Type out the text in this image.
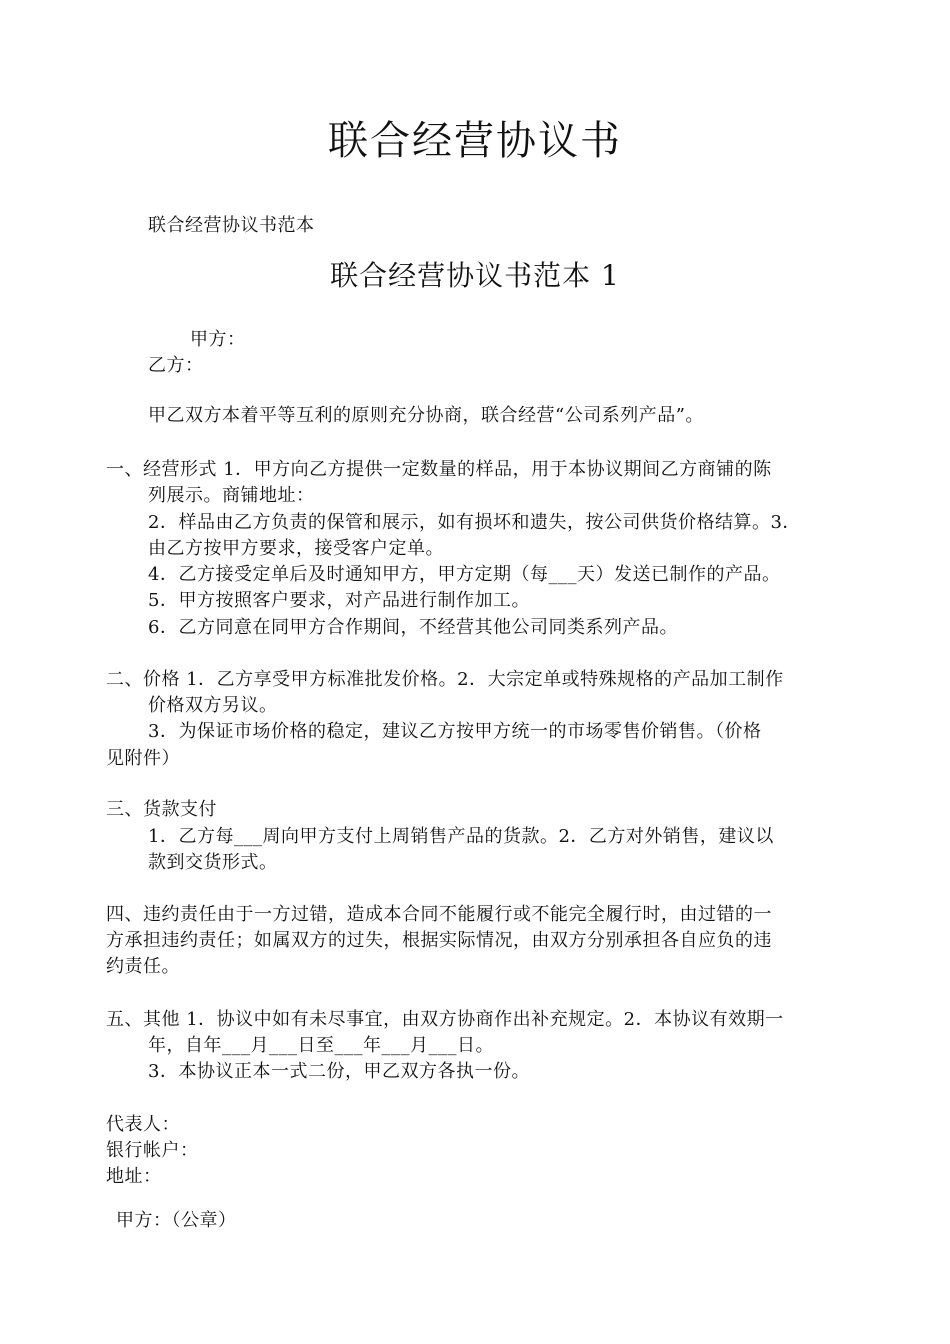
联合经营协议书
联合经营协议书范本
联合经营协议书范本 1
甲方：
乙方：
甲乙双方本着平等互利的原则充分协商，联合经营“公司系列产品”。
一、经营形式 1．甲方向乙方提供一定数量的样品，用于本协议期间乙方商铺的陈
列展示。商铺地址：
2．样品由乙方负责的保管和展示，如有损坏和遗失，按公司供货价格结算。3．
由乙方按甲方要求，接受客户定单。
4．乙方接受定单后及时通知甲方，甲方定期（每___天）发送已制作的产品。
5．甲方按照客户要求，对产品进行制作加工。
6．乙方同意在同甲方合作期间，不经营其他公司同类系列产品。
二、价格 1．乙方享受甲方标准批发价格。2．大宗定单或特殊规格的产品加工制作
价格双方另议。
3．为保证市场价格的稳定，建议乙方按甲方统一的市场零售价销售。（价格
见附件）
三、货款支付
1．乙方每___周向甲方支付上周销售产品的货款。2．乙方对外销售，建议以
款到交货形式。
四、违约责任由于一方过错，造成本合同不能履行或不能完全履行时，由过错的一
方承担违约责任；如属双方的过失，根据实际情况，由双方分别承担各自应负的违
约责任。
五、其他 1．协议中如有未尽事宜，由双方协商作出补充规定。2．本协议有效期一
年，自年___月___日至___年___月___日。
3．本协议正本一式二份，甲乙双方各执一份。
代表人：
银行帐户：
地址：
甲方：（公章）
